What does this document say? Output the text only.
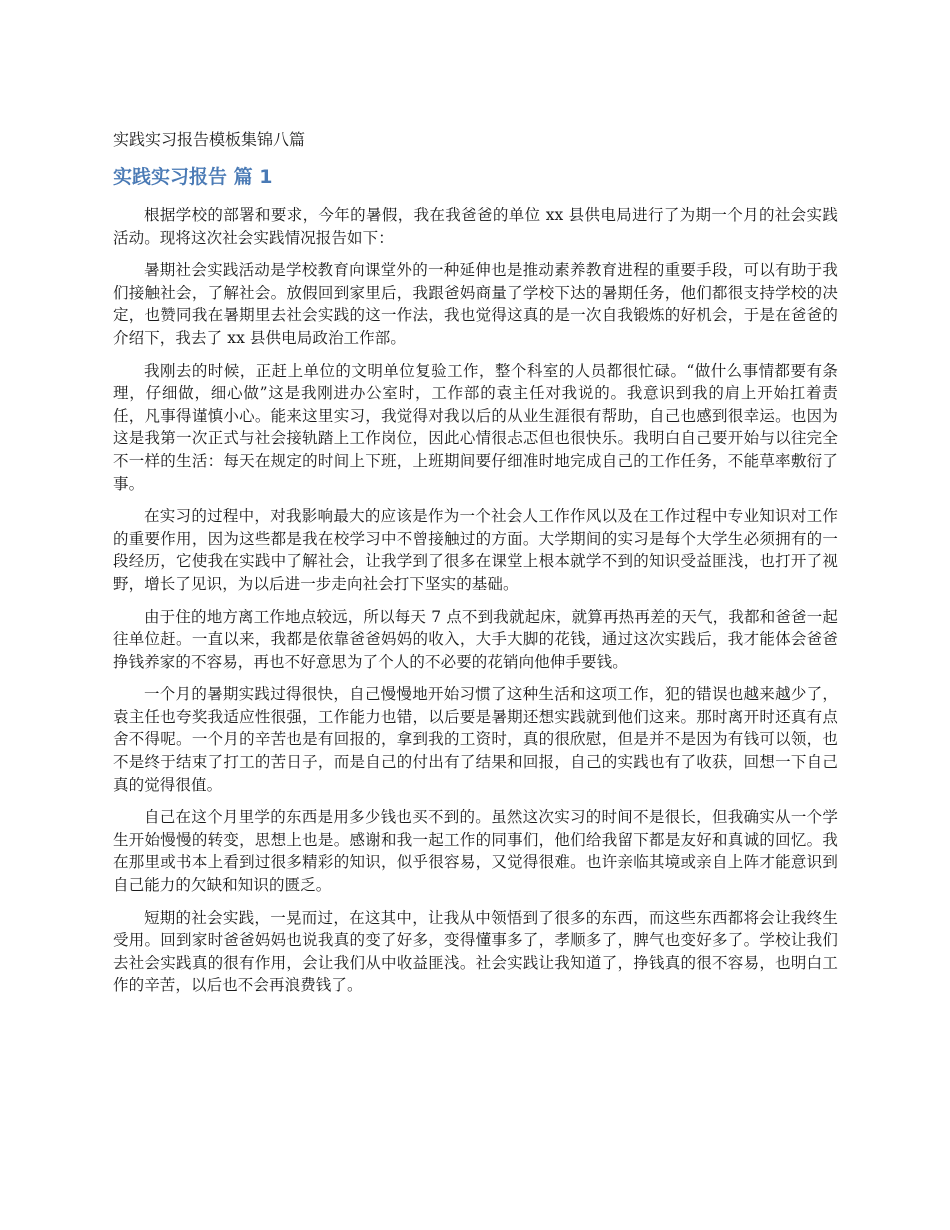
实践实习报告模板集锦八篇
实践实习报告 篇 1

根据学校的部署和要求，今年的暑假，我在我爸爸的单位 xx 县供电局进行了为期一个月的社会实践活动。现将这次社会实践情况报告如下：

暑期社会实践活动是学校教育向课堂外的一种延伸也是推动素养教育进程的重要手段，可以有助于我们接触社会，了解社会。放假回到家里后，我跟爸妈商量了学校下达的暑期任务，他们都很支持学校的决定，也赞同我在暑期里去社会实践的这一作法，我也觉得这真的是一次自我锻炼的好机会，于是在爸爸的介绍下，我去了 xx 县供电局政治工作部。

我刚去的时候，正赶上单位的文明单位复验工作，整个科室的人员都很忙碌。“做什么事情都要有条理，仔细做，细心做”这是我刚进办公室时，工作部的袁主任对我说的。我意识到我的肩上开始扛着责任，凡事得谨慎小心。能来这里实习，我觉得对我以后的从业生涯很有帮助，自己也感到很幸运。也因为这是我第一次正式与社会接轨踏上工作岗位，因此心情很忐忑但也很快乐。我明白自己要开始与以往完全不一样的生活：每天在规定的时间上下班，上班期间要仔细准时地完成自己的工作任务，不能草率敷衍了事。

在实习的过程中，对我影响最大的应该是作为一个社会人工作作风以及在工作过程中专业知识对工作的重要作用，因为这些都是我在校学习中不曾接触过的方面。大学期间的实习是每个大学生必须拥有的一段经历，它使我在实践中了解社会，让我学到了很多在课堂上根本就学不到的知识受益匪浅，也打开了视野，增长了见识，为以后进一步走向社会打下坚实的基础。

由于住的地方离工作地点较远，所以每天 7 点不到我就起床，就算再热再差的天气，我都和爸爸一起往单位赶。一直以来，我都是依靠爸爸妈妈的收入，大手大脚的花钱，通过这次实践后，我才能体会爸爸挣钱养家的不容易，再也不好意思为了个人的不必要的花销向他伸手要钱。

一个月的暑期实践过得很快，自己慢慢地开始习惯了这种生活和这项工作，犯的错误也越来越少了，袁主任也夸奖我适应性很强，工作能力也错，以后要是暑期还想实践就到他们这来。那时离开时还真有点舍不得呢。一个月的辛苦也是有回报的，拿到我的工资时，真的很欣慰，但是并不是因为有钱可以领，也不是终于结束了打工的苦日子，而是自己的付出有了结果和回报，自己的实践也有了收获，回想一下自己真的觉得很值。

自己在这个月里学的东西是用多少钱也买不到的。虽然这次实习的时间不是很长，但我确实从一个学生开始慢慢的转变，思想上也是。感谢和我一起工作的同事们，他们给我留下都是友好和真诚的回忆。我在那里或书本上看到过很多精彩的知识，似乎很容易，又觉得很难。也许亲临其境或亲自上阵才能意识到自己能力的欠缺和知识的匮乏。

短期的社会实践，一晃而过，在这其中，让我从中领悟到了很多的东西，而这些东西都将会让我终生受用。回到家时爸爸妈妈也说我真的变了好多，变得懂事多了，孝顺多了，脾气也变好多了。学校让我们去社会实践真的很有作用，会让我们从中收益匪浅。社会实践让我知道了，挣钱真的很不容易，也明白工作的辛苦，以后也不会再浪费钱了。
